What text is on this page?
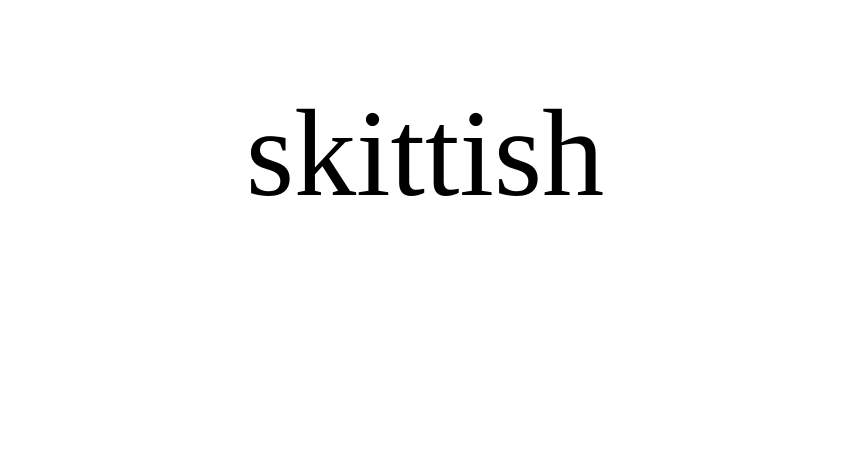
skittish
